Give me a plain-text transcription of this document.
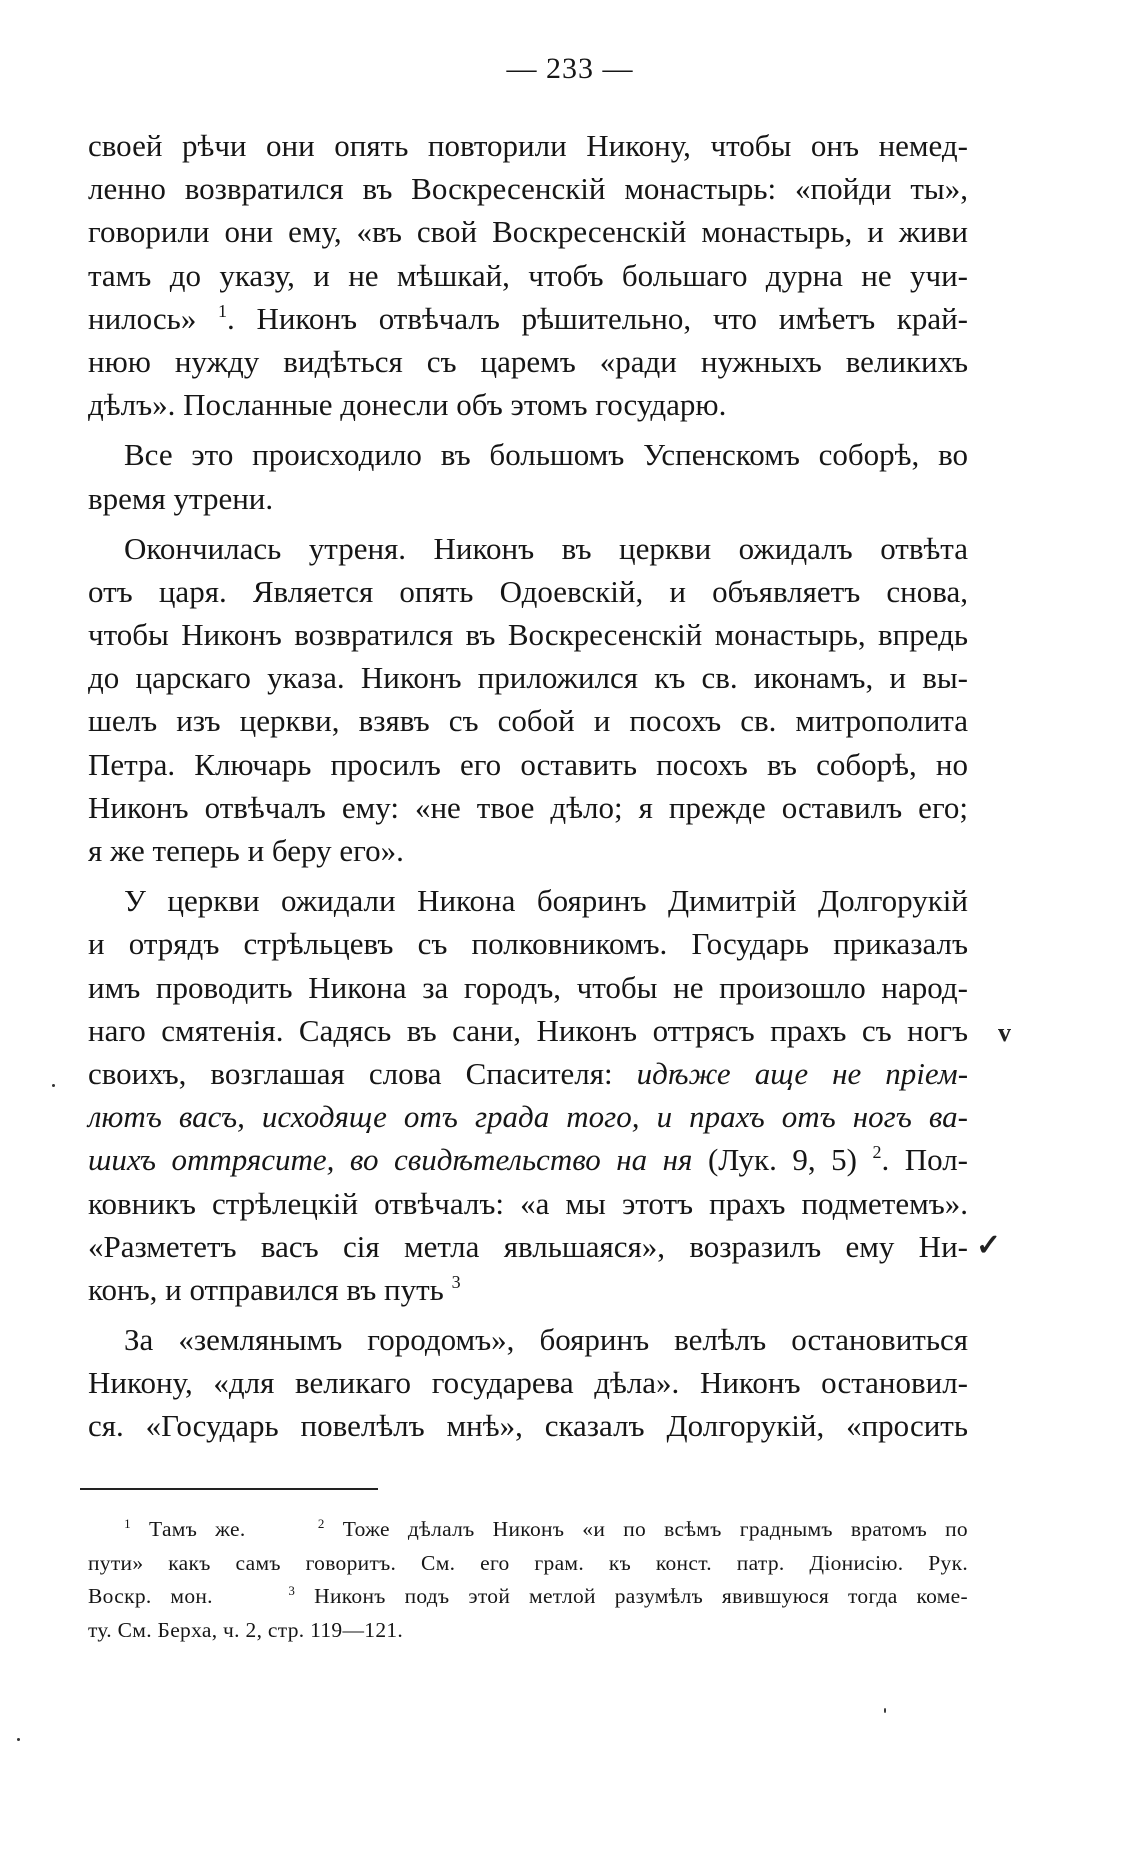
— 233 —
своей рѣчи они опять повторили Никону, чтобы онъ немед-
ленно возвратился въ Воскресенскій монастырь: «пойди ты»,
говорили они ему, «въ свой Воскресенскій монастырь, и живи
тамъ до указу, и не мѣшкай, чтобъ большаго дурна не учи-
нилось» $^1$. Никонъ отвѣчалъ рѣшительно, что имѣетъ край-
нюю нужду видѣться съ царемъ «ради нужныхъ великихъ
дѣлъ». Посланные донесли объ этомъ государю.
Все это происходило въ большомъ Успенскомъ соборѣ, во
время утрени.
Окончилась утреня. Никонъ въ церкви ожидалъ отвѣта
отъ царя. Является опять Одоевскій, и объявляетъ снова,
чтобы Никонъ возвратился въ Воскресенскій монастырь, впредь
до царскаго указа. Никонъ приложился къ св. иконамъ, и вы-
шелъ изъ церкви, взявъ съ собой и посохъ св. митрополита
Петра. Ключарь просилъ его оставить посохъ въ соборѣ, но
Никонъ отвѣчалъ ему: «не твое дѣло; я прежде оставилъ его;
я же теперь и беру его».
У церкви ожидали Никона бояринъ Димитрій Долгорукій
и отрядъ стрѣльцевъ съ полковникомъ. Государь приказалъ
имъ проводить Никона за городъ, чтобы не произошло народ-
наго смятенія. Садясь въ сани, Никонъ оттрясъ прахъ съ ногъ
своихъ, возглашая слова Спасителя: идѣже аще не пріем-
лютъ васъ, исходяще отъ града того, и прахъ отъ ногъ ва-
шихъ оттрясите, во свидѣтельство на ня (Лук. 9, 5) $^2$. Пол-
ковникъ стрѣлецкій отвѣчалъ: «а мы этотъ прахъ подметемъ».
«Размететъ васъ сія метла явльшаяся», возразилъ ему Ни-
конъ, и отправился въ путь $^3$
За «землянымъ городомъ», бояринъ велѣлъ остановиться
Никону, «для великаго государева дѣла». Никонъ остановил-
ся. «Государь повелѣлъ мнѣ», сказалъ Долгорукій, «просить
v
✓
$^1$ Тамъ же.	$^2$ Тоже дѣлалъ Никонъ «и по всѣмъ граднымъ вратомъ по
пути» какъ самъ говоритъ. См. его грам. къ конст. патр. Діонисію. Рук.
Воскр. мон.	$^3$ Никонъ подъ этой метлой разумѣлъ явившуюся тогда коме-
ту. См. Берха, ч. 2, стр. 119—121.
